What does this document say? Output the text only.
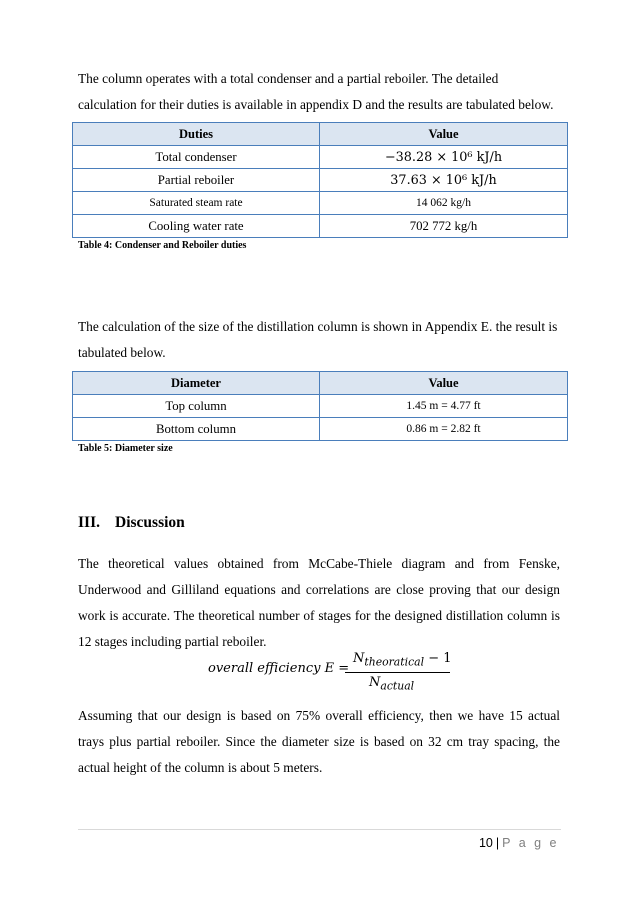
The column operates with a total condenser and a partial reboiler. The detailed calculation for their duties is available in appendix D and the results are tabulated below.

Duties	Value
Total condenser	−38.28 × 10⁶ kJ/h
Partial reboiler	37.63 × 10⁶ kJ/h
Saturated steam rate	14 062 kg/h
Cooling water rate	702 772 kg/h

Table 4: Condenser and Reboiler duties

The calculation of the size of the distillation column is shown in Appendix E. the result is tabulated below.

Diameter	Value
Top column	1.45 m = 4.77 ft
Bottom column	0.86 m = 2.82 ft

Table 5: Diameter size

III. Discussion

The theoretical values obtained from McCabe-Thiele diagram and from Fenske, Underwood and Gilliland equations and correlations are close proving that our design work is accurate. The theoretical number of stages for the designed distillation column is 12 stages including partial reboiler.

overall efficiency E =
$N_{theoratical} - 1$
$N_{actual}$

Assuming that our design is based on 75% overall efficiency, then we have 15 actual trays plus partial reboiler. Since the diameter size is based on 32 cm tray spacing, the actual height of the column is about 5 meters.

10 | P a g e
